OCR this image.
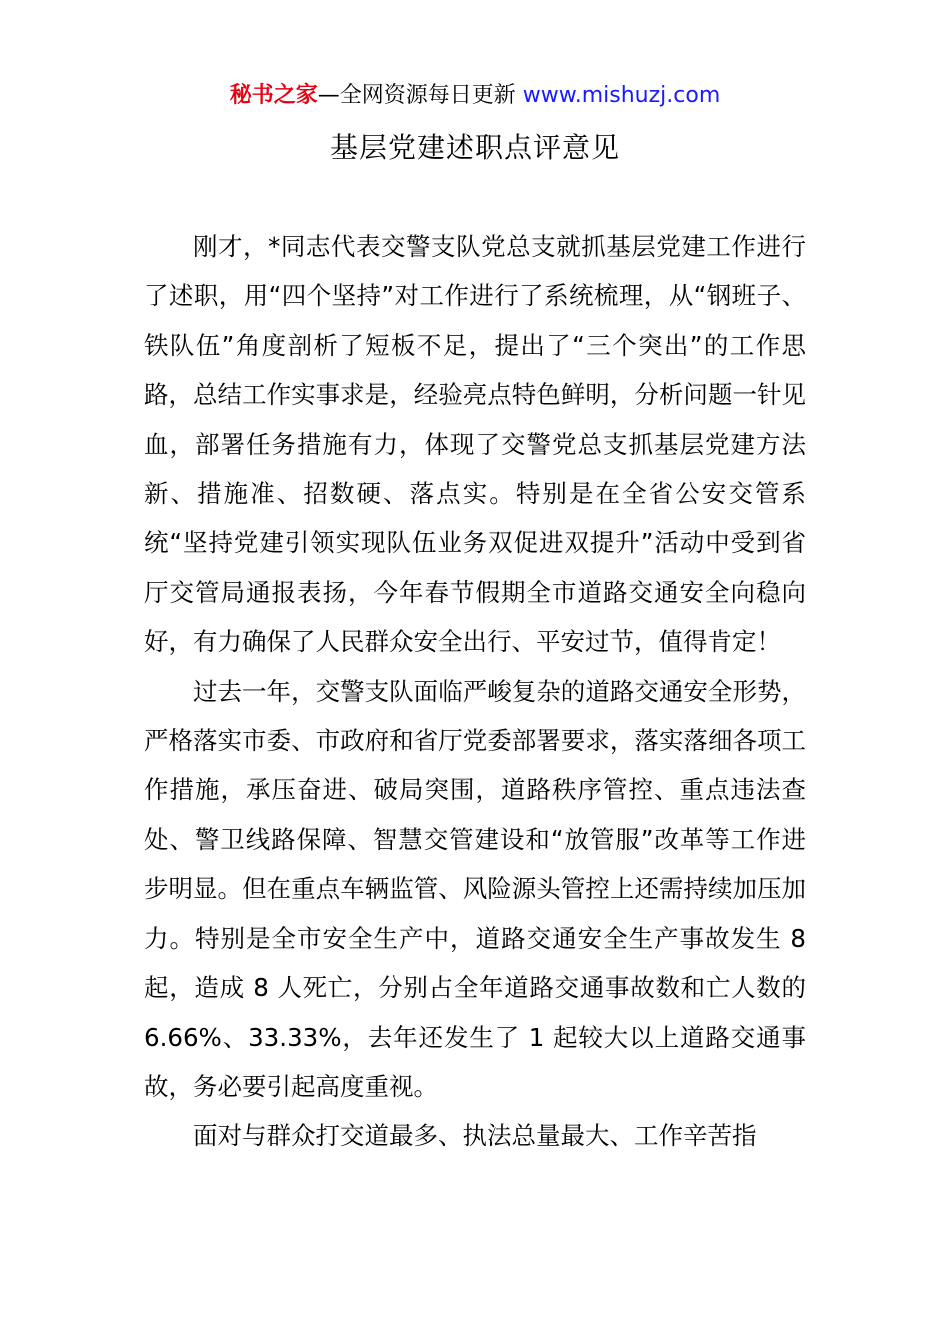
秘书之家—全网资源每日更新 www.mishuzj.com
基层党建述职点评意见

刚才，*同志代表交警支队党总支就抓基层党建工作进行了述职，用“四个坚持”对工作进行了系统梳理，从“钢班子、铁队伍”角度剖析了短板不足，提出了“三个突出”的工作思路，总结工作实事求是，经验亮点特色鲜明，分析问题一针见血，部署任务措施有力，体现了交警党总支抓基层党建方法新、措施准、招数硬、落点实。特别是在全省公安交管系统“坚持党建引领实现队伍业务双促进双提升”活动中受到省厅交管局通报表扬，今年春节假期全市道路交通安全向稳向好，有力确保了人民群众安全出行、平安过节，值得肯定！

过去一年，交警支队面临严峻复杂的道路交通安全形势，严格落实市委、市政府和省厅党委部署要求，落实落细各项工作措施，承压奋进、破局突围，道路秩序管控、重点违法查处、警卫线路保障、智慧交管建设和“放管服”改革等工作进步明显。但在重点车辆监管、风险源头管控上还需持续加压加力。特别是全市安全生产中，道路交通安全生产事故发生 8 起，造成 8 人死亡，分别占全年道路交通事故数和亡人数的 6.66%、33.33%，去年还发生了 1 起较大以上道路交通事故，务必要引起高度重视。

面对与群众打交道最多、执法总量最大、工作辛苦指
